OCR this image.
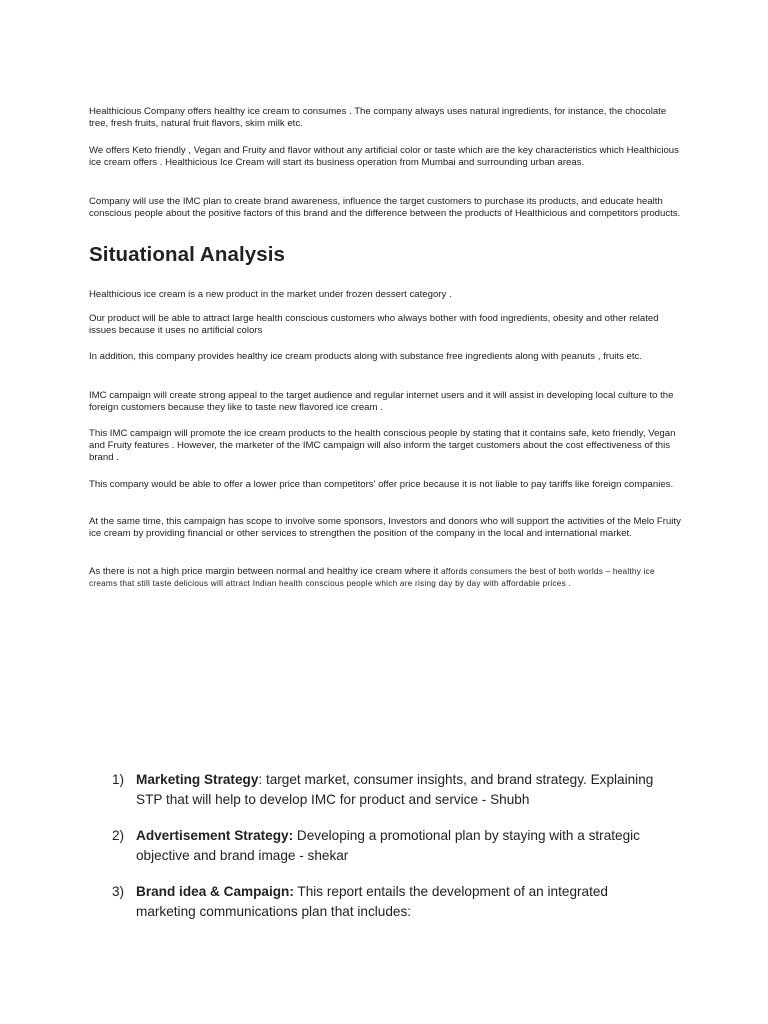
Healthicious Company offers healthy ice cream to consumes . The company always uses natural ingredients, for instance, the chocolate tree, fresh fruits, natural fruit flavors, skim milk etc.

We offers Keto friendly , Vegan and Fruity and flavor without any artificial color or taste which are the key characteristics which Healthicious ice cream offers . Healthicious Ice Cream will start its business operation from Mumbai and surrounding urban areas.

Company will use the IMC plan to create brand awareness, influence the target customers to purchase its products, and educate health conscious people about the positive factors of this brand and the difference between the products of Healthicious and competitors products.

Situational Analysis

Healthicious ice cream is a new product in the market under frozen dessert category .

Our product will be able to attract large health conscious customers who always bother with food ingredients, obesity and other related issues because it uses no artificial colors

In addition, this company provides healthy ice cream products along with substance free ingredients along with peanuts , fruits etc.

IMC campaign will create strong appeal to the target audience and regular internet users and it will assist in developing local culture to the foreign customers because they like to taste new flavored ice cream .

This IMC campaign will promote the ice cream products to the health conscious people by stating that it contains safe, keto friendly, Vegan and Fruity features . However, the marketer of the IMC campaign will also inform the target customers about the cost effectiveness of this brand .

This company would be able to offer a lower price than competitors' offer price because it is not liable to pay tariffs like foreign companies.

At the same time, this campaign has scope to involve some sponsors, Investors and donors who will support the activities of the Melo Fruity ice cream by providing financial or other services to strengthen the position of the company in the local and international market.

As there is not a high price margin between normal and healthy ice cream where it affords consumers the best of both worlds – healthy ice creams that still taste delicious will attract Indian health conscious people which are rising day by day with affordable prices .

1) Marketing Strategy: target market, consumer insights, and brand strategy. Explaining STP that will help to develop IMC for product and service - Shubh
2) Advertisement Strategy: Developing a promotional plan by staying with a strategic objective and brand image - shekar
3) Brand idea & Campaign: This report entails the development of an integrated marketing communications plan that includes:
